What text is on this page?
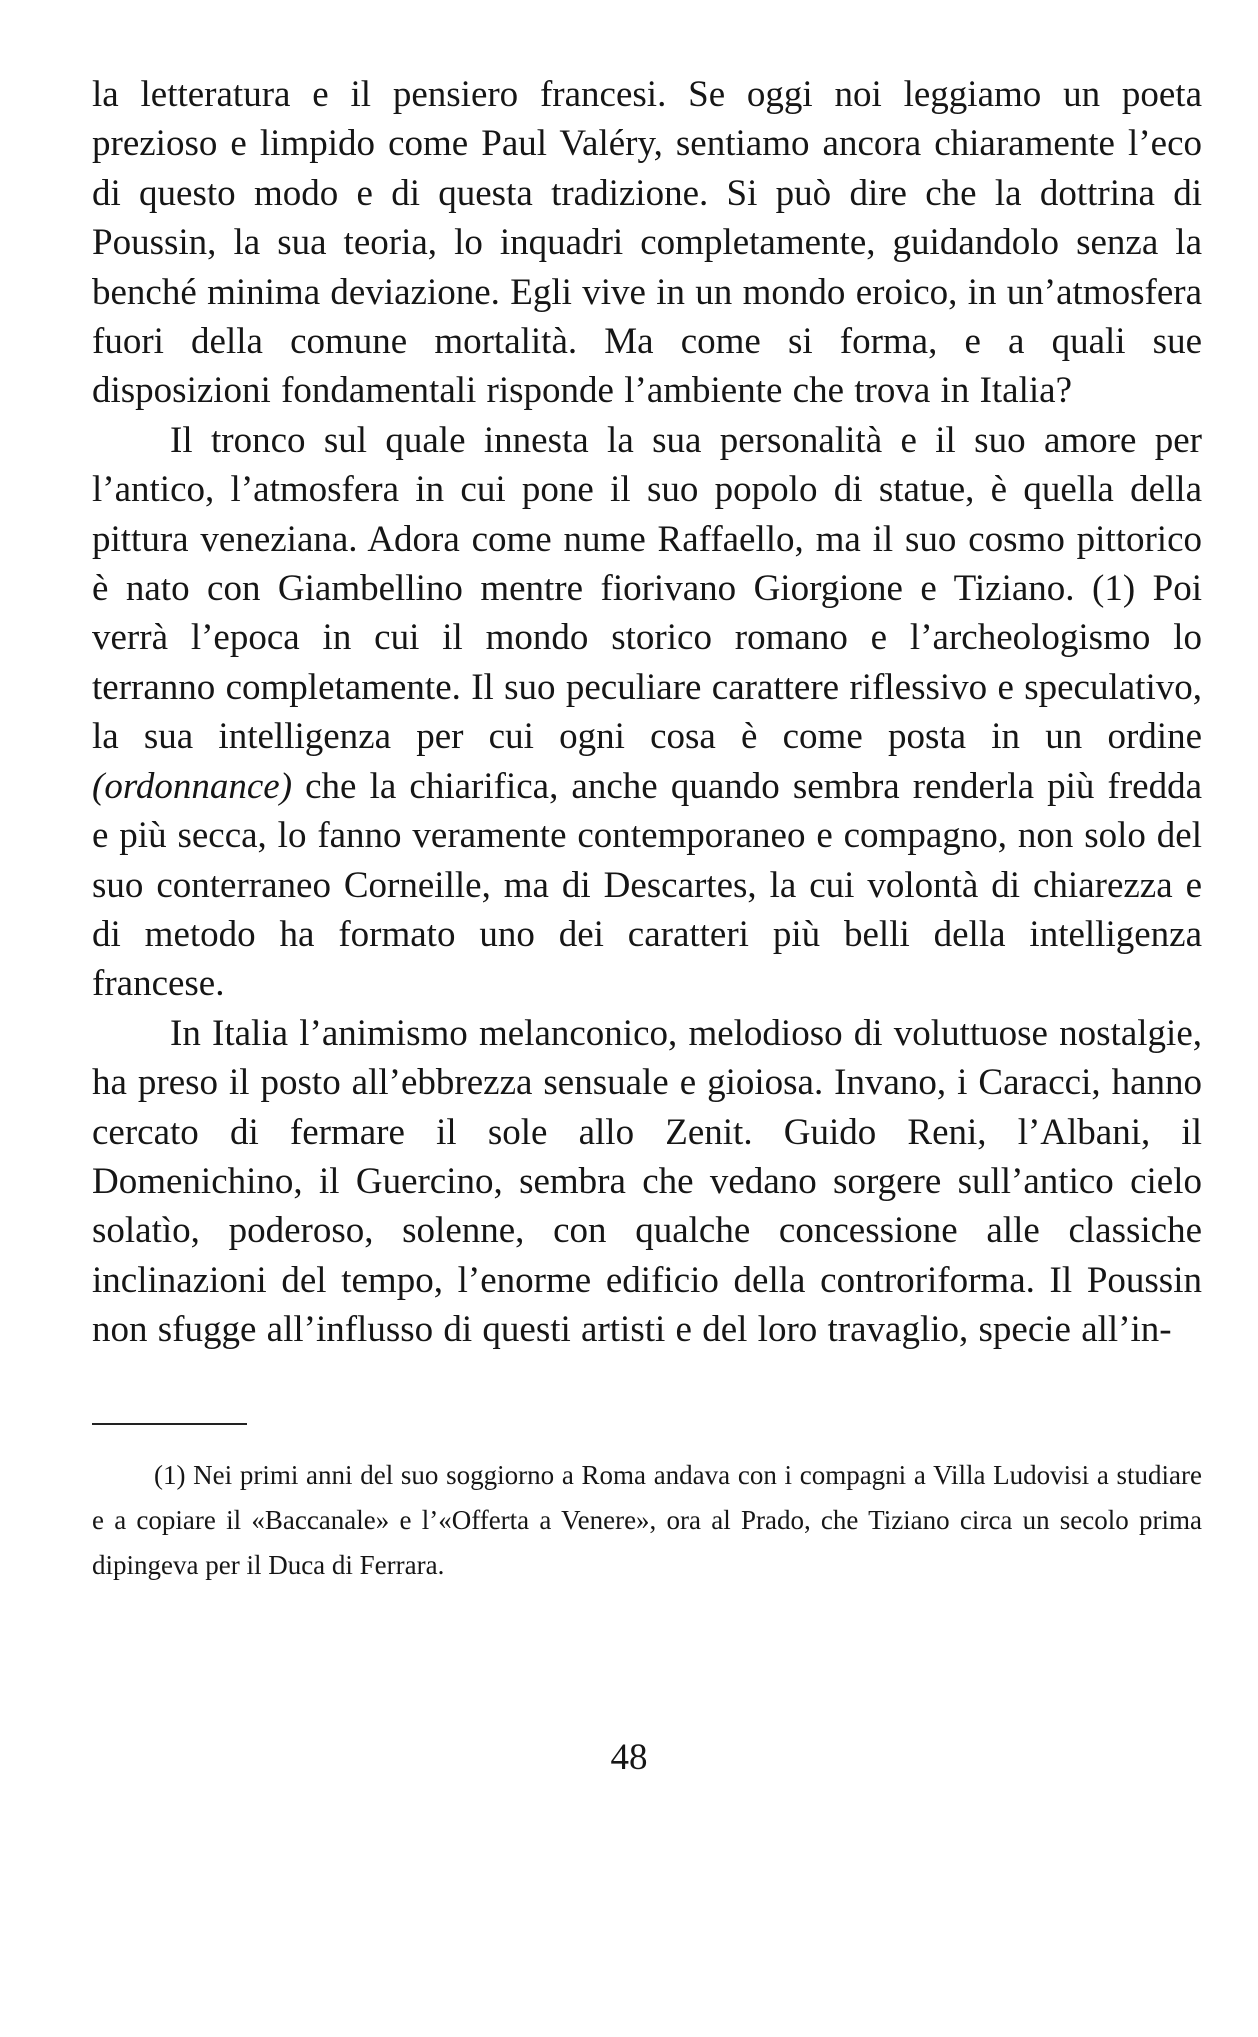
la letteratura e il pensiero francesi. Se oggi noi leggiamo un poeta prezioso e limpido come Paul Valéry, sentiamo ancora chiaramente l’eco di questo modo e di questa tradizione. Si può dire che la dottrina di Poussin, la sua teoria, lo inquadri completamente, guidandolo senza la benché minima deviazione. Egli vive in un mondo eroico, in un’atmosfera fuori della comune mortalità. Ma come si forma, e a quali sue disposizioni fondamentali risponde l’ambiente che trova in Italia?

Il tronco sul quale innesta la sua personalità e il suo amore per l’antico, l’atmosfera in cui pone il suo popolo di statue, è quella della pittura veneziana. Adora come nume Raffaello, ma il suo cosmo pittorico è nato con Giambellino mentre fiorivano Giorgione e Tiziano. (1) Poi verrà l’epoca in cui il mondo storico romano e l’archeologismo lo terranno completamente. Il suo peculiare carattere riflessivo e speculativo, la sua intelligenza per cui ogni cosa è come posta in un ordine (ordonnance) che la chiarifica, anche quando sembra renderla più fredda e più secca, lo fanno veramente contemporaneo e compagno, non solo del suo conterraneo Corneille, ma di Descartes, la cui volontà di chiarezza e di metodo ha formato uno dei caratteri più belli della intelligenza francese.

In Italia l’animismo melanconico, melodioso di voluttuose nostalgie, ha preso il posto all’ebbrezza sensuale e gioiosa. Invano, i Caracci, hanno cercato di fermare il sole allo Zenit. Guido Reni, l’Albani, il Domenichino, il Guercino, sembra che vedano sorgere sull’antico cielo solatìo, poderoso, solenne, con qualche concessione alle classiche inclinazioni del tempo, l’enorme edificio della controriforma. Il Poussin non sfugge all’influsso di questi artisti e del loro travaglio, specie all’in-

(1) Nei primi anni del suo soggiorno a Roma andava con i compagni a Villa Ludovisi a studiare e a copiare il «Baccanale» e l’«Offerta a Venere», ora al Prado, che Tiziano circa un secolo prima dipingeva per il Duca di Ferrara.

48
